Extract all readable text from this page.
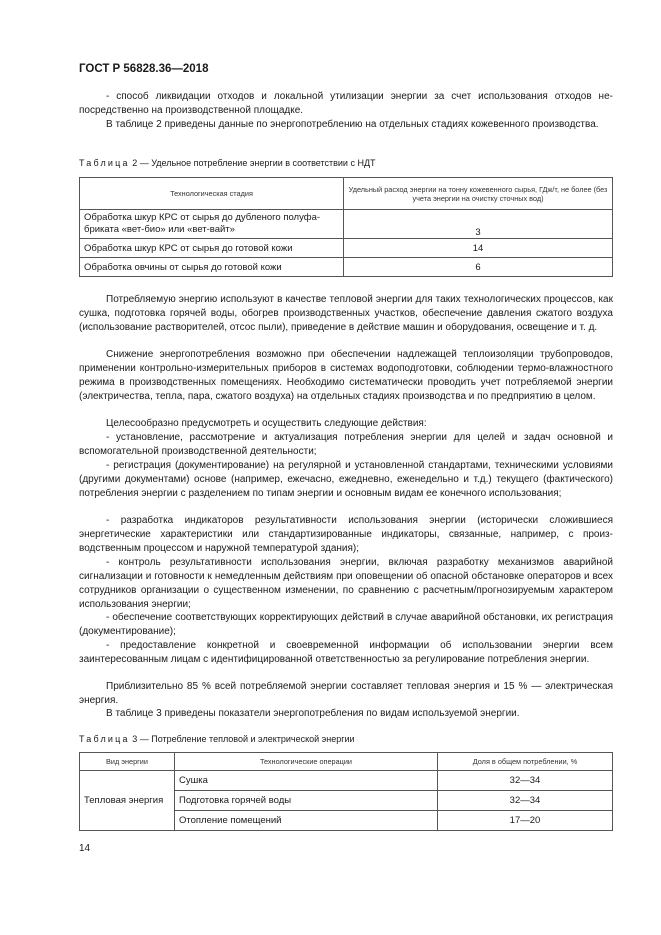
ГОСТ Р 56828.36—2018

- способ ликвидации отходов и локальной утилизации энергии за счет использования отходов непосредственно на производственной площадке.

В таблице 2 приведены данные по энергопотреблению на отдельных стадиях кожевенного производства.

Таблица 2 — Удельное потребление энергии в соответствии с НДТ
Технологическая стадия	Удельный расход энергии на тонну кожевенного сырья, ГДж/т, не более (без учета энергии на очистку сточных вод)
Обработка шкур КРС от сырья до дубленого полуфабриката «вет-био» или «вет-вайт»	3
Обработка шкур КРС от сырья до готовой кожи	14
Обработка овчины от сырья до готовой кожи	6

Потребляемую энергию используют в качестве тепловой энергии для таких технологических процессов, как сушка, подготовка горячей воды, обогрев производственных участков, обеспечение давления сжатого воздуха (использование растворителей, отсос пыли), приведение в действие машин и оборудования, освещение и т. д.

Снижение энергопотребления возможно при обеспечении надлежащей теплоизоляции трубопроводов, применении контрольно-измерительных приборов в системах водоподготовки, соблюдении термо-влажностного режима в производственных помещениях. Необходимо систематически проводить учет потребляемой энергии (электричества, тепла, пара, сжатого воздуха) на отдельных стадиях производства и по предприятию в целом.

Целесообразно предусмотреть и осуществить следующие действия:

- установление, рассмотрение и актуализация потребления энергии для целей и задач основной и вспомогательной производственной деятельности;

- регистрация (документирование) на регулярной и установленной стандартами, техническими условиями (другими документами) основе (например, ежечасно, ежедневно, еженедельно и т.д.) текущего (фактического) потребления энергии с разделением по типам энергии и основным видам ее конечного использования;

- разработка индикаторов результативности использования энергии (исторически сложившиеся энергетические характеристики или стандартизированные индикаторы, связанные, например, с производственным процессом и наружной температурой здания);

- контроль результативности использования энергии, включая разработку механизмов аварийной сигнализации и готовности к немедленным действиям при оповещении об опасной обстановке операторов и всех сотрудников организации о существенном изменении, по сравнению с расчетным/прогнозируемым характером использования энергии;

- обеспечение соответствующих корректирующих действий в случае аварийной обстановки, их регистрация (документирование);

- предоставление конкретной и своевременной информации об использовании энергии всем заинтересованным лицам с идентифицированной ответственностью за регулирование потребления энергии.

Приблизительно 85 % всей потребляемой энергии составляет тепловая энергия и 15 % — электрическая энергия.

В таблице 3 приведены показатели энергопотребления по видам используемой энергии.

Таблица 3 — Потребление тепловой и электрической энергии
Вид энергии	Технологические операции	Доля в общем потреблении, %
Тепловая энергия	Сушка	32—34
	Подготовка горячей воды	32—34
	Отопление помещений	17—20
14
